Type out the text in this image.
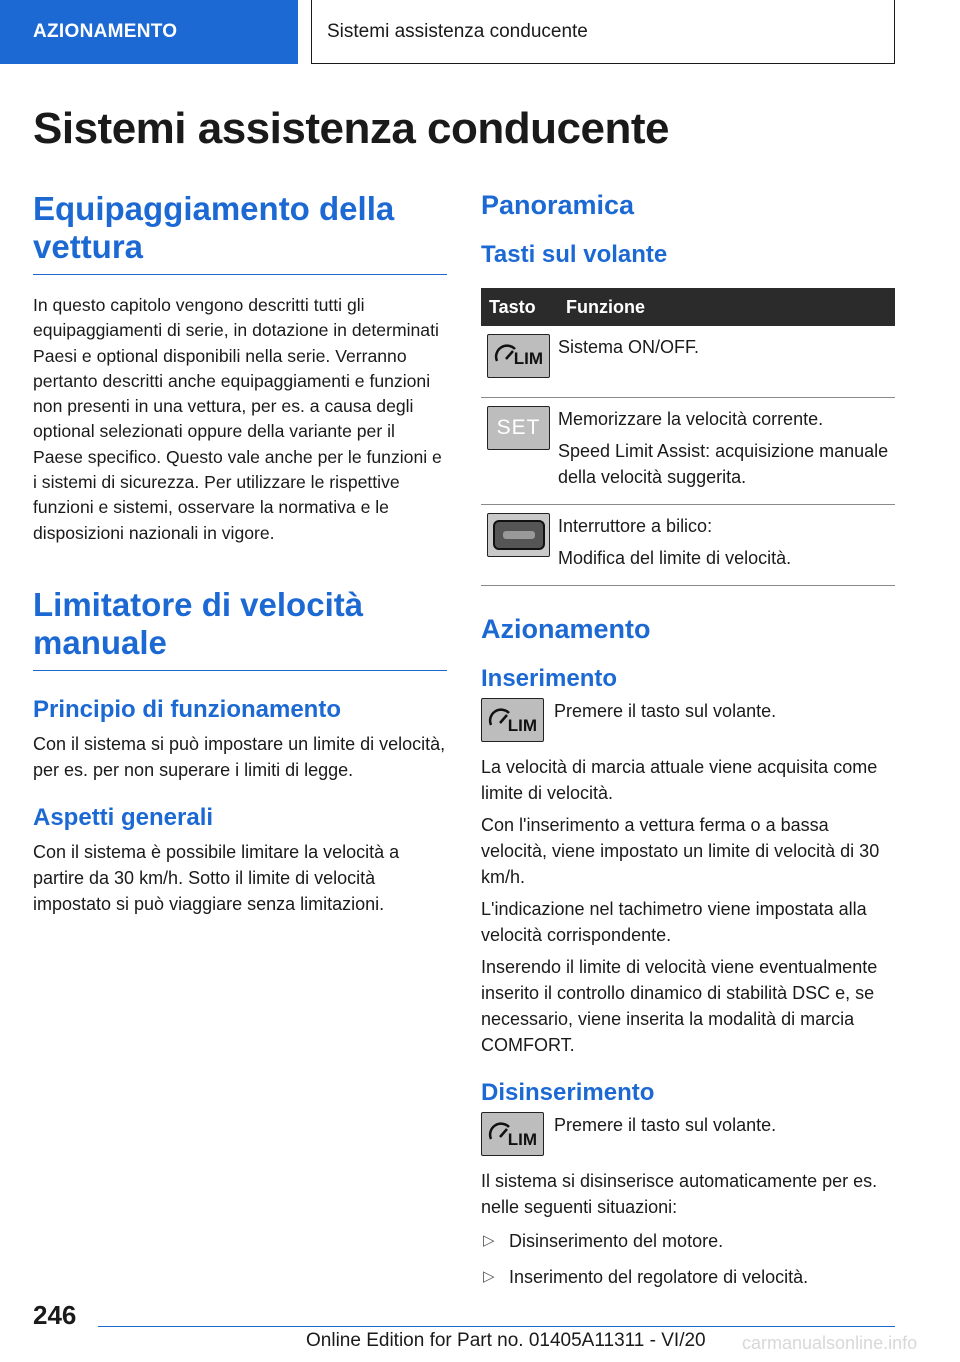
AZIONAMENTO	Sistemi assistenza conducente
Sistemi assistenza conducente
Equipaggiamento della vettura

In questo capitolo vengono descritti tutti gli equipaggiamenti di serie, in dotazione in determinati Paesi e optional disponibili nella serie. Verranno pertanto descritti anche equipaggiamenti e funzioni non presenti in una vettura, per es. a causa degli optional selezionati oppure della variante per il Paese specifico. Questo vale anche per le funzioni e i sistemi di sicurezza. Per utilizzare le rispettive funzioni e sistemi, osservare la normativa e le disposizioni nazionali in vigore.

Limitatore di velocità manuale
Principio di funzionamento

Con il sistema si può impostare un limite di velocità, per es. per non superare i limiti di legge.

Aspetti generali

Con il sistema è possibile limitare la velocità a partire da 30 km/h. Sotto il limite di velocità impostato si può viaggiare senza limitazioni.

Panoramica
Tasti sul volante
Tasto	Funzione

LIM	Sistema ON/OFF.

SET	Memorizzare la velocità corrente.

Speed Limit Assist: acquisizione manuale della velocità suggerita.

	Interruttore a bilico:

Modifica del limite di velocità.

Azionamento
Inserimento
LIM

Premere il tasto sul volante.

La velocità di marcia attuale viene acquisita come limite di velocità.

Con l'inserimento a vettura ferma o a bassa velocità, viene impostato un limite di velocità di 30 km/h.

L'indicazione nel tachimetro viene impostata alla velocità corrispondente.

Inserendo il limite di velocità viene eventualmente inserito il controllo dinamico di stabilità DSC e, se necessario, viene inserita la modalità di marcia COMFORT.

Disinserimento
LIM

Premere il tasto sul volante.

Il sistema si disinserisce automaticamente per es. nelle seguenti situazioni:

▷ Disinserimento del motore.
▷ Inserimento del regolatore di velocità.
246
Online Edition for Part no. 01405A11311 - VI/20 carmanualsonline.info
